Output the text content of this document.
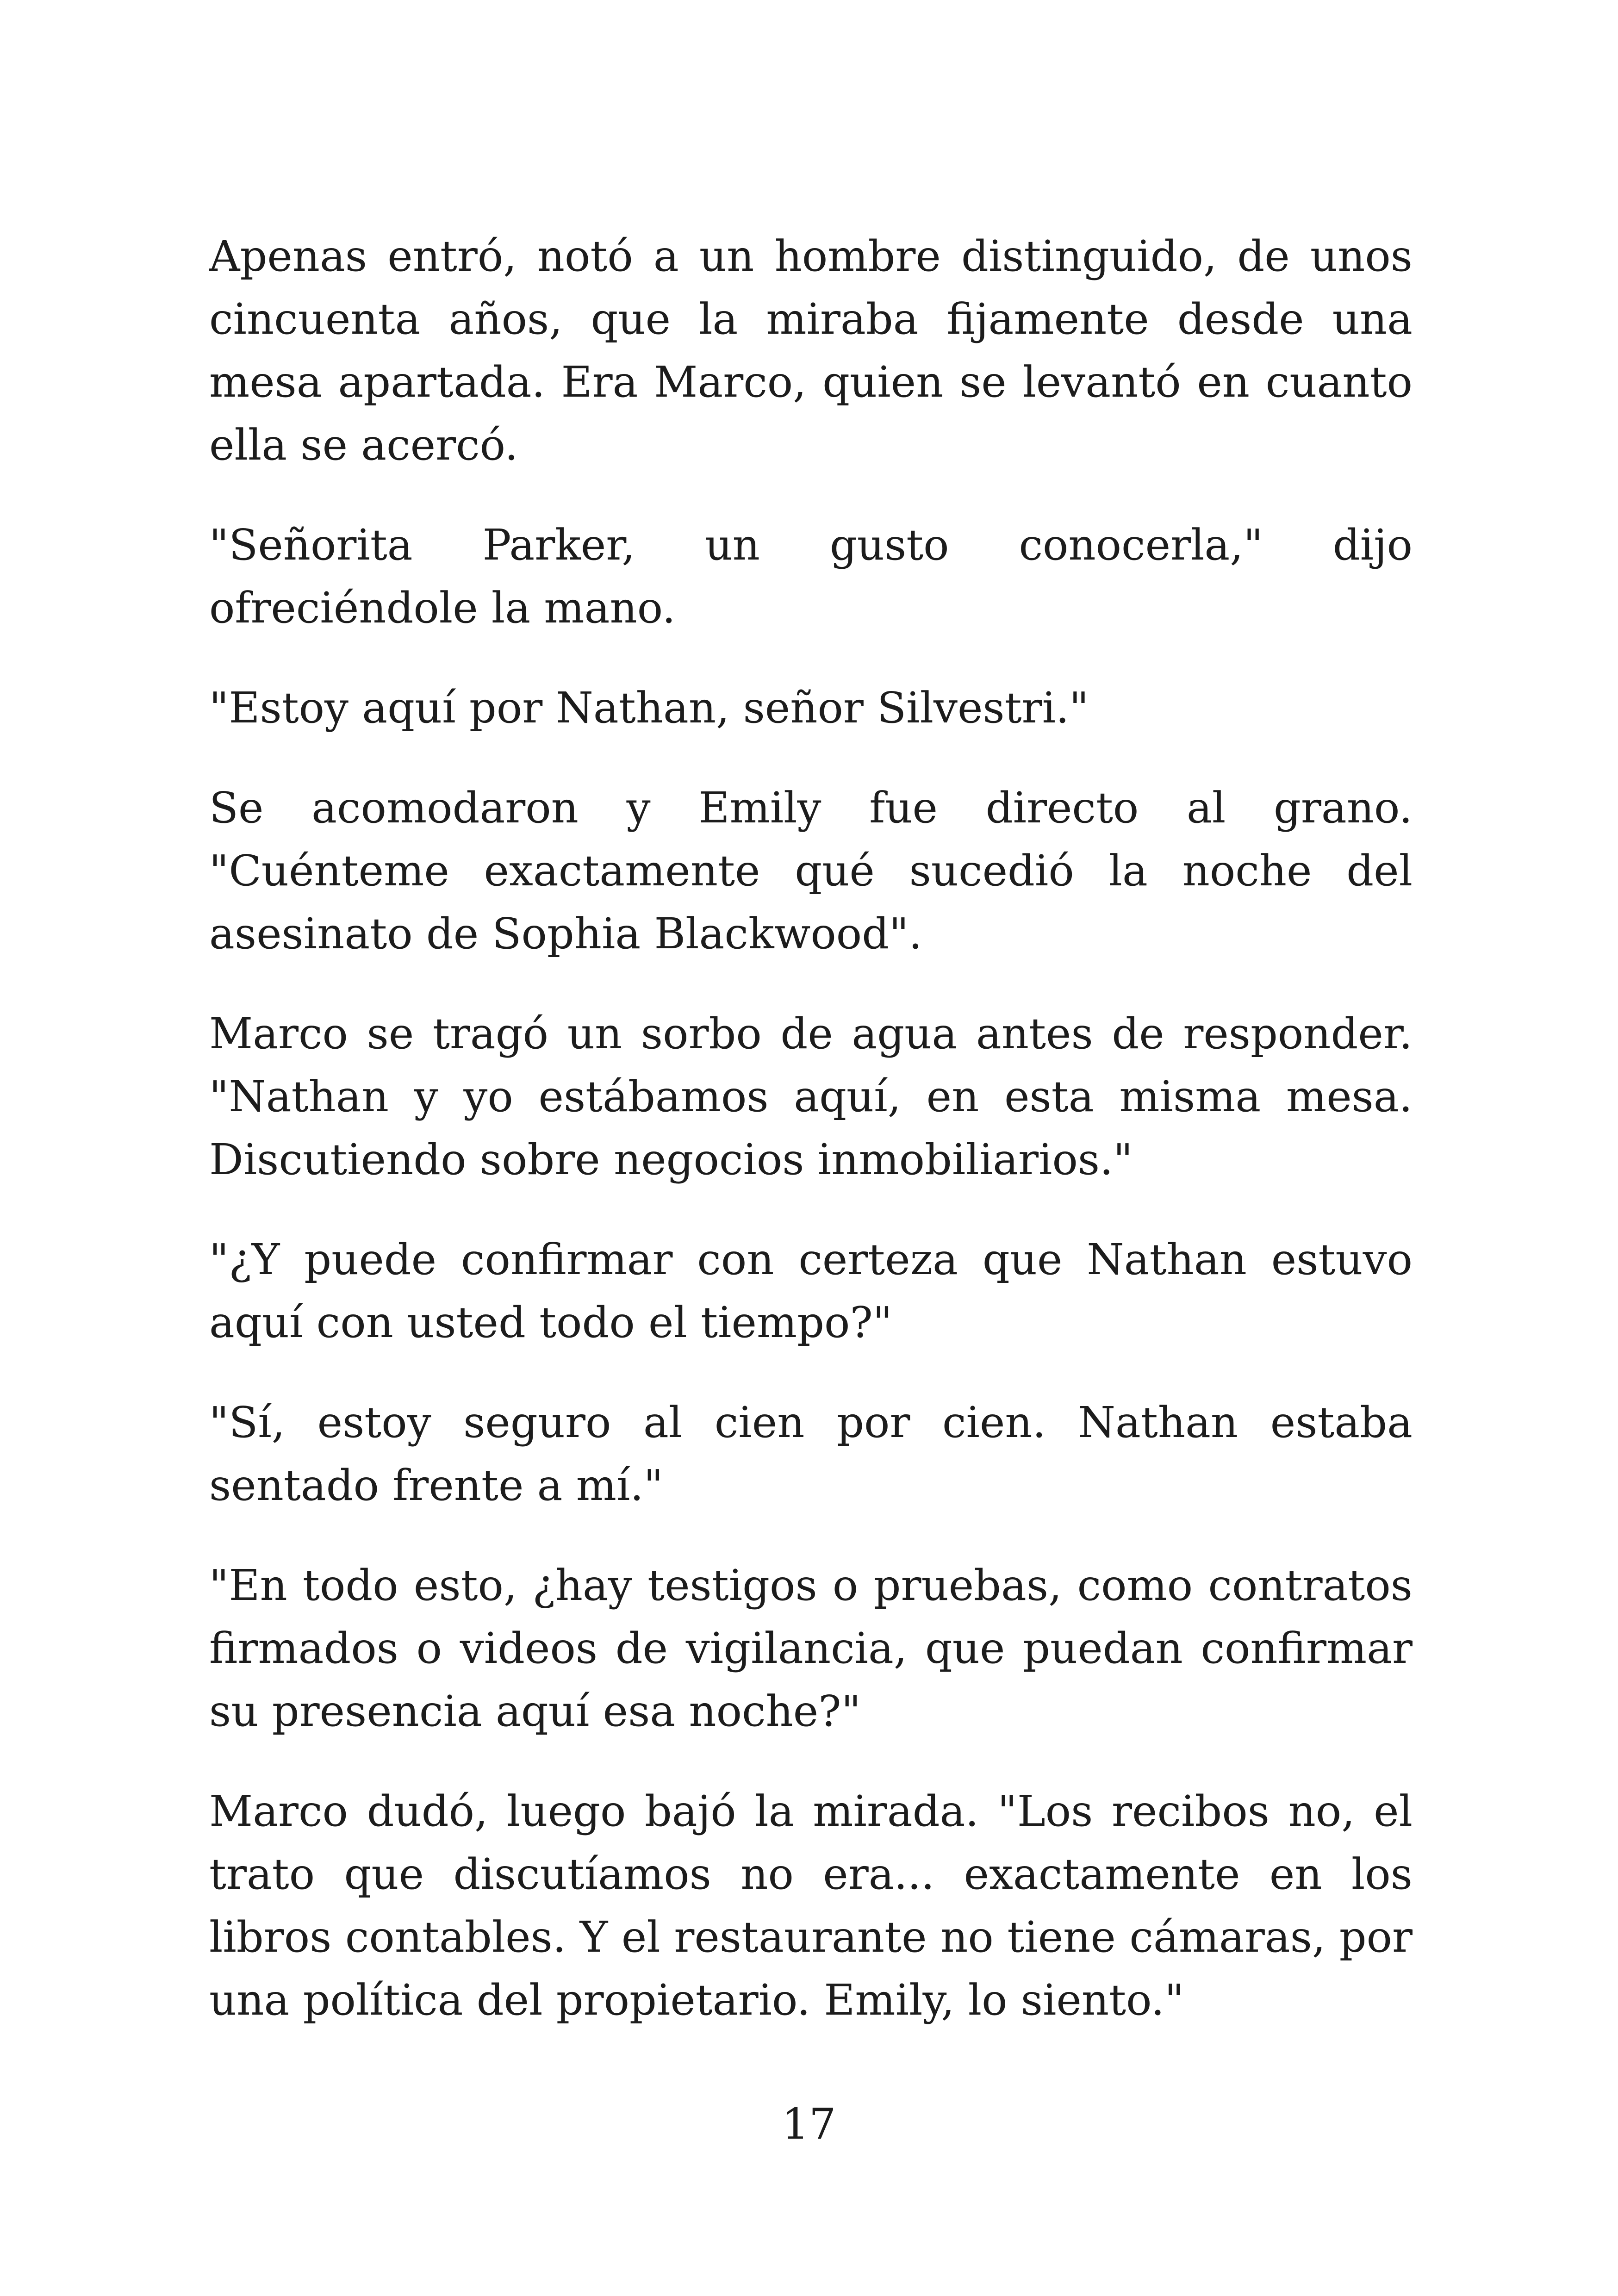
Apenas entró, notó a un hombre distinguido, de unos cincuenta años, que la miraba fijamente desde una mesa apartada. Era Marco, quien se levantó en cuanto ella se acercó.

"Señorita Parker, un gusto conocerla," dijo ofreciéndole la mano.

"Estoy aquí por Nathan, señor Silvestri."

Se acomodaron y Emily fue directo al grano. "Cuénteme exactamente qué sucedió la noche del asesinato de Sophia Blackwood".

Marco se tragó un sorbo de agua antes de responder. "Nathan y yo estábamos aquí, en esta misma mesa. Discutiendo sobre negocios inmobiliarios."

"¿Y puede confirmar con certeza que Nathan estuvo aquí con usted todo el tiempo?"

"Sí, estoy seguro al cien por cien. Nathan estaba sentado frente a mí."

"En todo esto, ¿hay testigos o pruebas, como contratos firmados o videos de vigilancia, que puedan confirmar su presencia aquí esa noche?"

Marco dudó, luego bajó la mirada. "Los recibos no, el trato que discutíamos no era... exactamente en los libros contables. Y el restaurante no tiene cámaras, por una política del propietario. Emily, lo siento."

17
